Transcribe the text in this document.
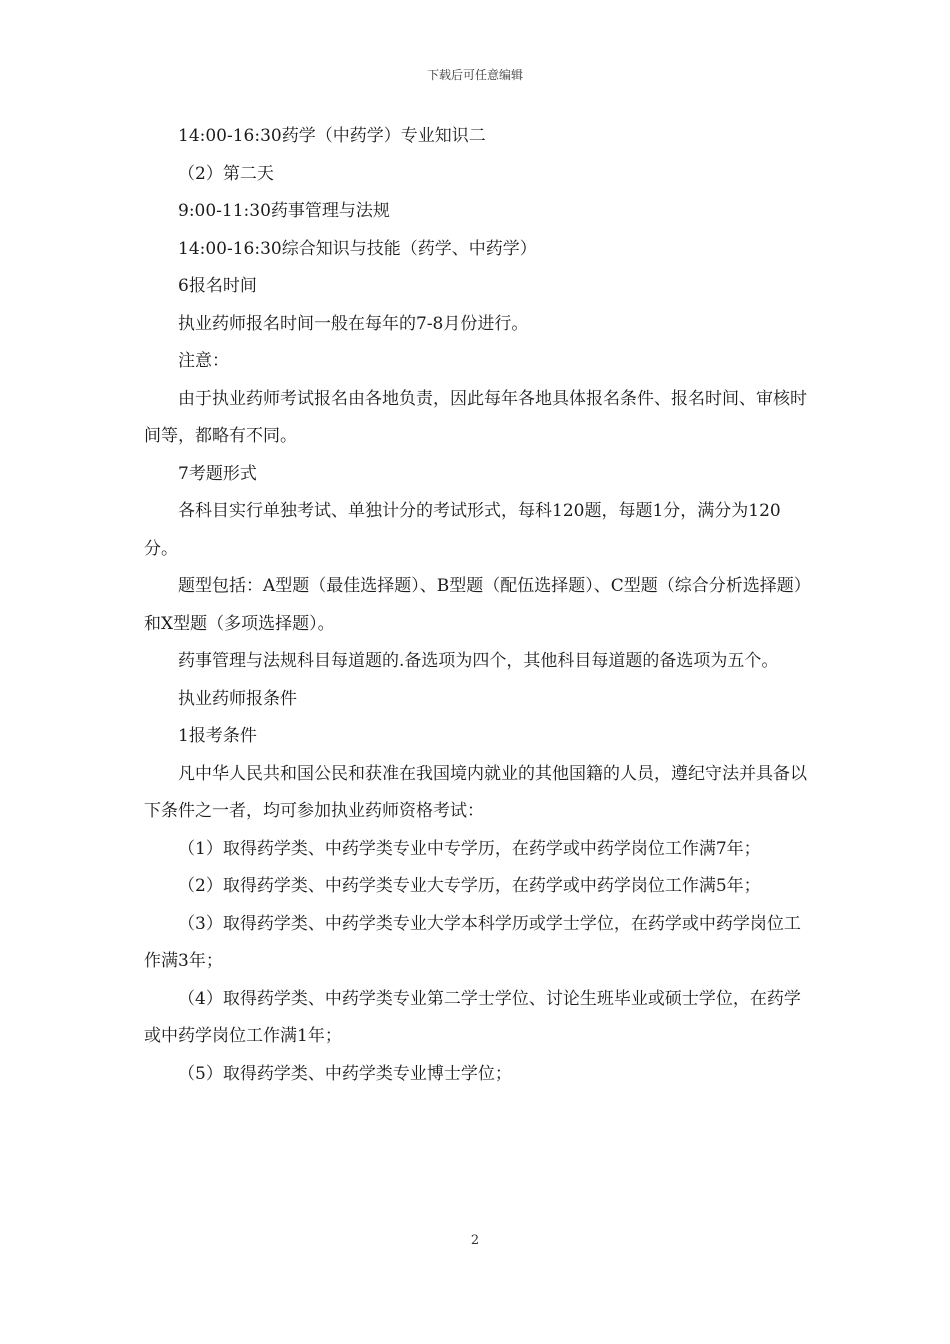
下载后可任意编辑

14:00-16:30药学（中药学）专业知识二

（2）第二天

9:00-11:30药事管理与法规

14:00-16:30综合知识与技能（药学、中药学）

6报名时间

执业药师报名时间一般在每年的7-8月份进行。

注意：

由于执业药师考试报名由各地负责，因此每年各地具体报名条件、报名时间、审核时间等，都略有不同。

7考题形式

各科目实行单独考试、单独计分的考试形式，每科120题，每题1分，满分为120分。

题型包括：A型题（最佳选择题）、B型题（配伍选择题）、C型题（综合分析选择题）和X型题（多项选择题）。

药事管理与法规科目每道题的.备选项为四个，其他科目每道题的备选项为五个。

执业药师报条件

1报考条件

凡中华人民共和国公民和获准在我国境内就业的其他国籍的人员，遵纪守法并具备以下条件之一者，均可参加执业药师资格考试：

（1）取得药学类、中药学类专业中专学历，在药学或中药学岗位工作满7年；

（2）取得药学类、中药学类专业大专学历，在药学或中药学岗位工作满5年；

（3）取得药学类、中药学类专业大学本科学历或学士学位，在药学或中药学岗位工作满3年；

（4）取得药学类、中药学类专业第二学士学位、讨论生班毕业或硕士学位，在药学或中药学岗位工作满1年；

（5）取得药学类、中药学类专业博士学位；

2
